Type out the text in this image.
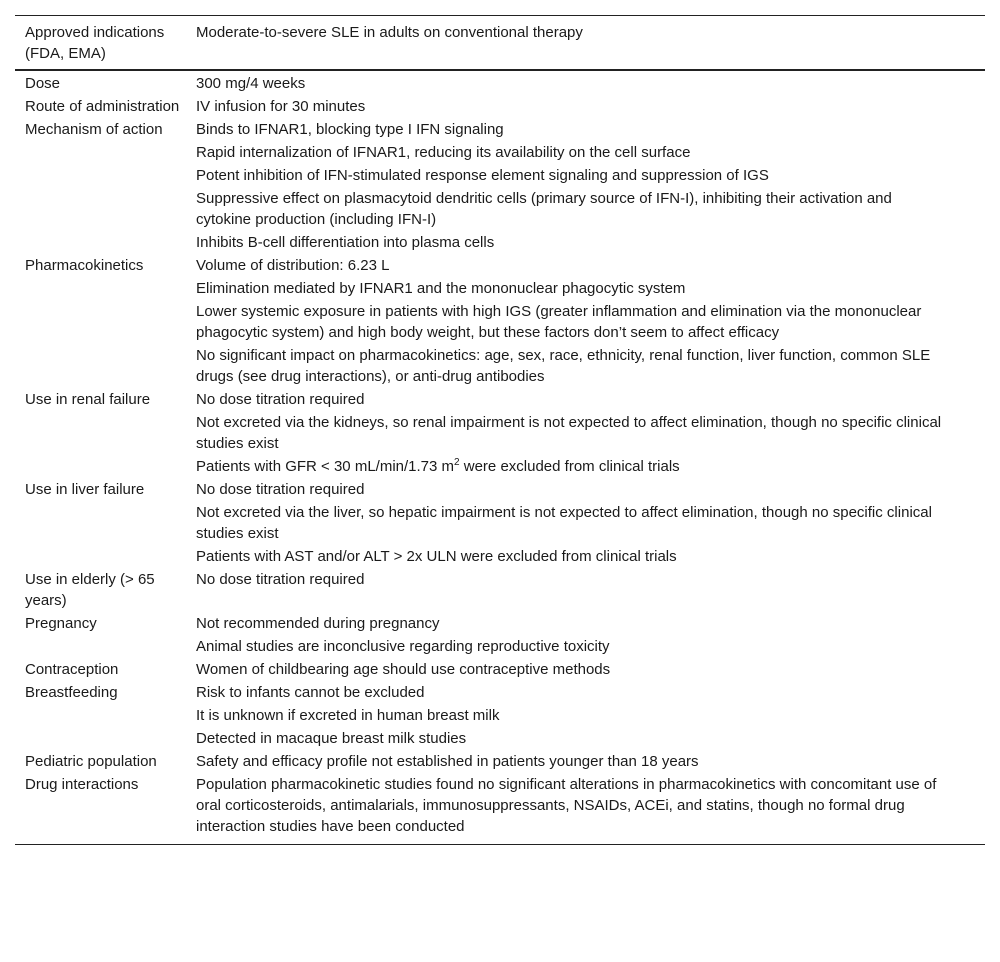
Approved indications (FDA, EMA)	Moderate-to-severe SLE in adults on conventional therapy
Dose	300 mg/4 weeks
Route of administration	IV infusion for 30 minutes
Mechanism of action	Binds to IFNAR1, blocking type I IFN signaling
	Rapid internalization of IFNAR1, reducing its availability on the cell surface
	Potent inhibition of IFN-stimulated response element signaling and suppression of IGS
	Suppressive effect on plasmacytoid dendritic cells (primary source of IFN-I), inhibiting their activation and cytokine production (including IFN-I)
	Inhibits B-cell differentiation into plasma cells
Pharmacokinetics	Volume of distribution: 6.23 L
	Elimination mediated by IFNAR1 and the mononuclear phagocytic system
	Lower systemic exposure in patients with high IGS (greater inflammation and elimination via the mononuclear phagocytic system) and high body weight, but these factors don’t seem to affect efficacy
	No significant impact on pharmacokinetics: age, sex, race, ethnicity, renal function, liver function, common SLE drugs (see drug interactions), or anti-drug antibodies
Use in renal failure	No dose titration required
	Not excreted via the kidneys, so renal impairment is not expected to affect elimination, though no specific clinical studies exist
	Patients with GFR < 30 mL/min/1.73 $m^2$ were excluded from clinical trials
Use in liver failure	No dose titration required
	Not excreted via the liver, so hepatic impairment is not expected to affect elimination, though no specific clinical studies exist
	Patients with AST and/or ALT > 2x ULN were excluded from clinical trials
Use in elderly (> 65 years)	No dose titration required
Pregnancy	Not recommended during pregnancy
	Animal studies are inconclusive regarding reproductive toxicity
Contraception	Women of childbearing age should use contraceptive methods
Breastfeeding	Risk to infants cannot be excluded
	It is unknown if excreted in human breast milk
	Detected in macaque breast milk studies
Pediatric population	Safety and efficacy profile not established in patients younger than 18 years
Drug interactions	Population pharmacokinetic studies found no significant alterations in pharmacokinetics with concomitant use of oral corticosteroids, antimalarials, immunosuppressants, NSAIDs, ACEi, and statins, though no formal drug interaction studies have been conducted
